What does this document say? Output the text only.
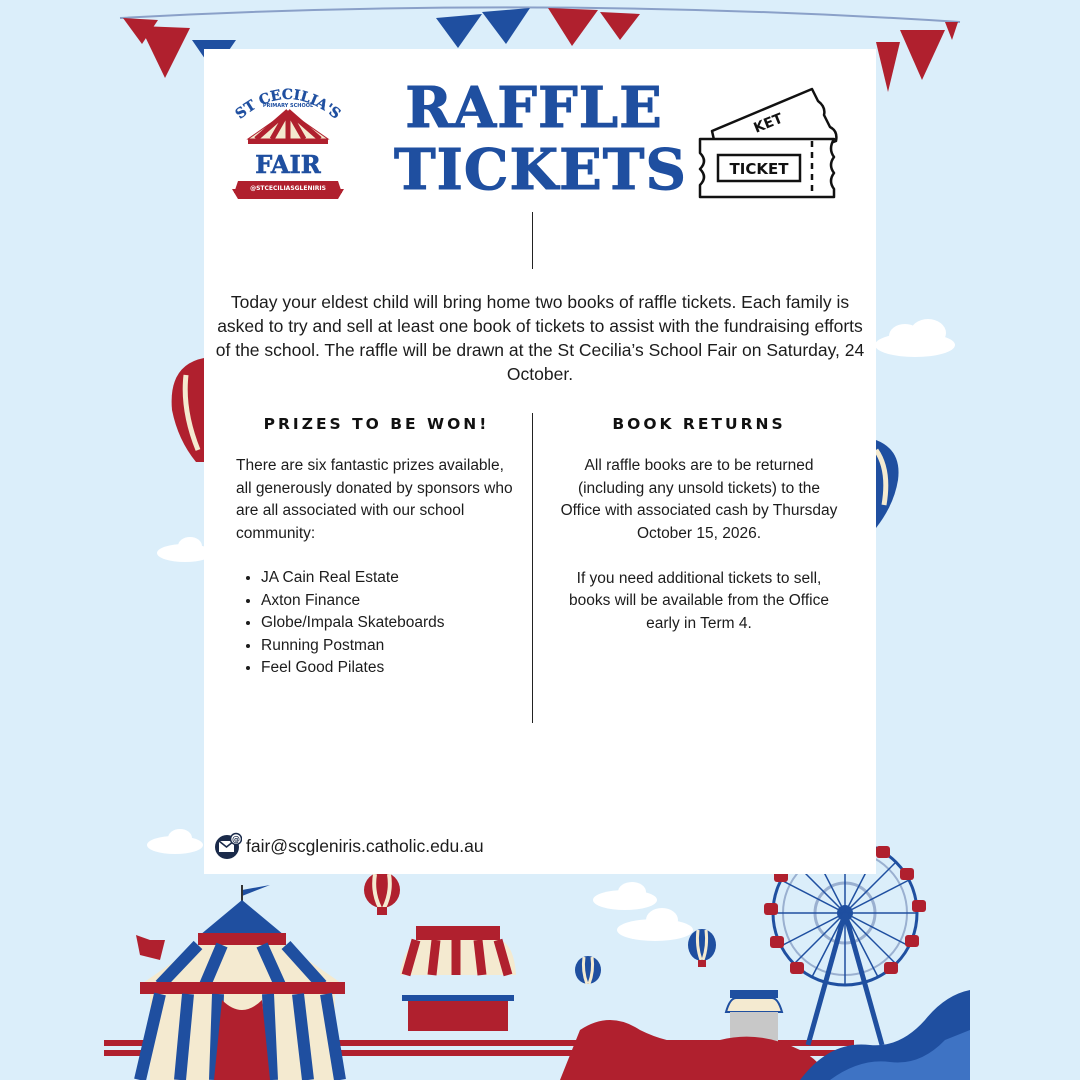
ST CECILIA'S
PRIMARY SCHOOL
FAIR
@STCECILIASGLENIRIS
RAFFLE
TICKETS
KET
TICKET

Today your eldest child will bring home two books of raffle tickets. Each family is asked to try and sell at least one book of tickets to assist with the fundraising efforts of the school. The raffle will be drawn at the St Cecilia’s School Fair on Saturday, 24 October.

PRIZES TO BE WON!

There are six fantastic prizes available, all generously donated by sponsors who are all associated with our school community:

• JA Cain Real Estate
• Axton Finance
• Globe/Impala Skateboards
• Running Postman
• Feel Good Pilates
BOOK RETURNS

All raffle books are to be returned (including any unsold tickets) to the Office with associated cash by Thursday October 15, 2026.

If you need additional tickets to sell, books will be available from the Office early in Term 4.

@ fair@scgleniris.catholic.edu.au
